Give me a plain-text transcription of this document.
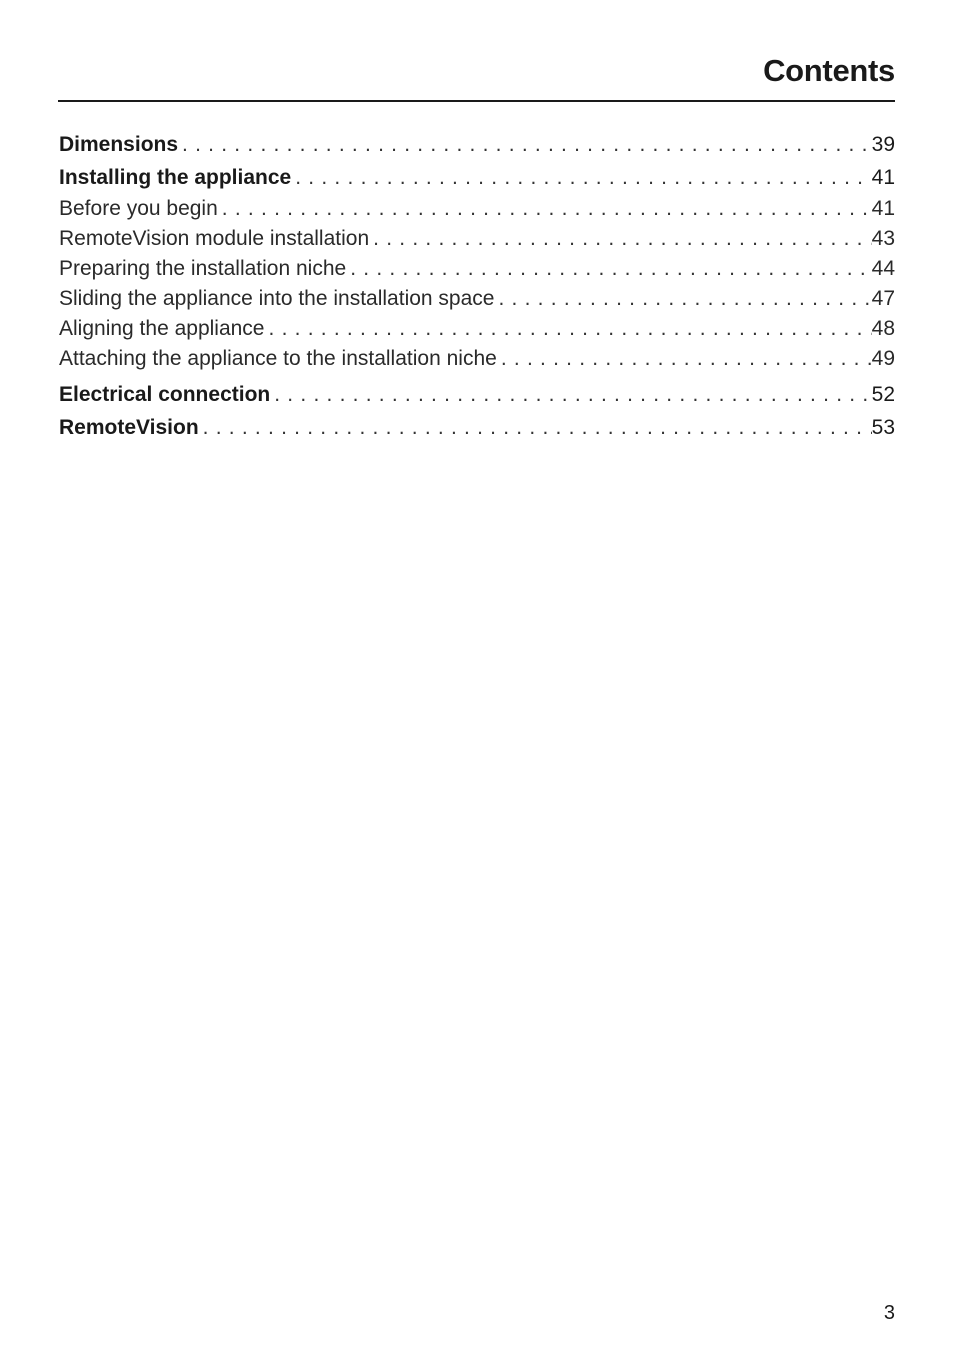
Contents
Dimensions . . .	39
Installing the appliance . . .	41
Before you begin . . .	41
RemoteVision module installation . . .	43
Preparing the installation niche . . .	44
Sliding the appliance into the installation space . . .	47
Aligning the appliance . . .	48
Attaching the appliance to the installation niche . . .	49
Electrical connection . . .	52
RemoteVision . . .	53
3
